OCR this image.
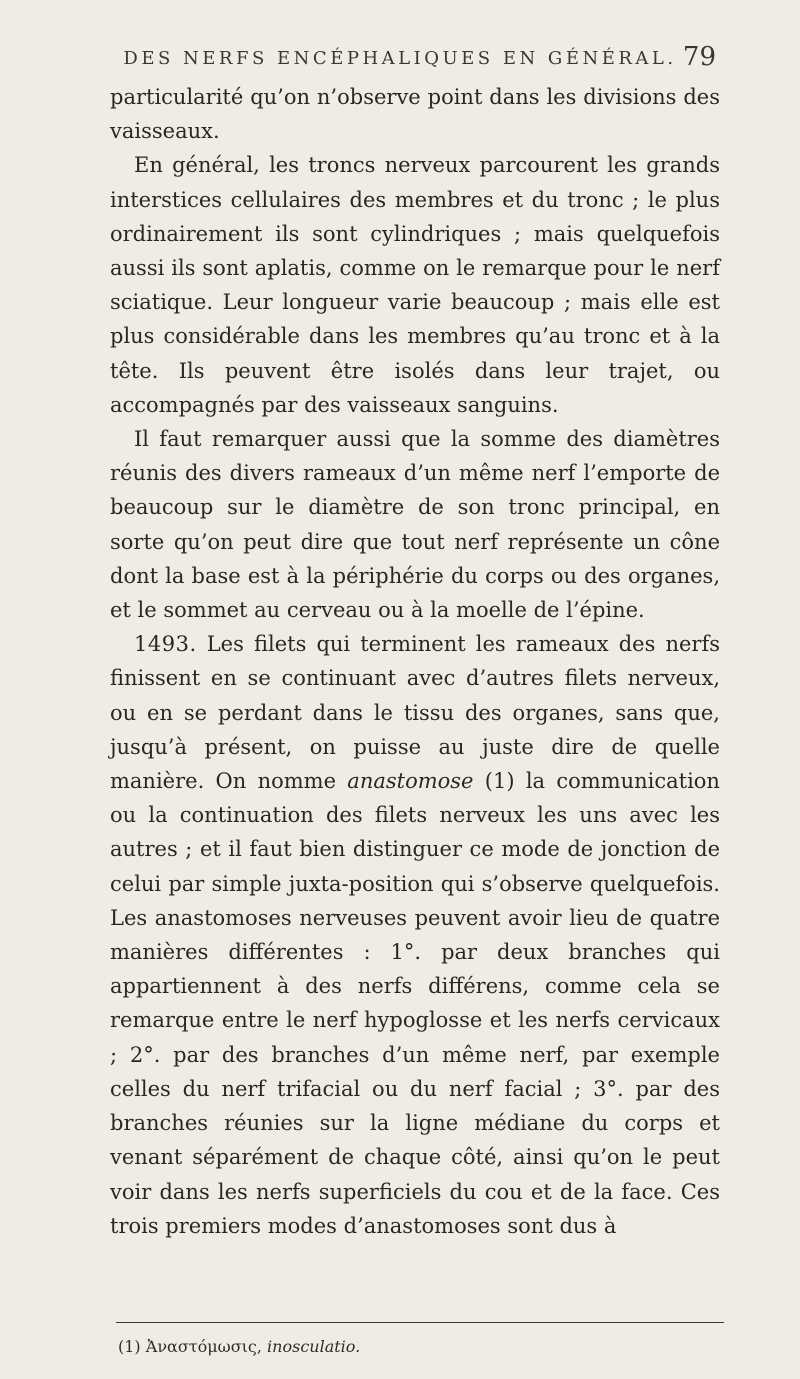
DES NERFS ENCÉPHALIQUES EN GÉNÉRAL. 79

particularité qu’on n’observe point dans les divisions des vaisseaux.

En général, les troncs nerveux parcourent les grands interstices cellulaires des membres et du tronc ; le plus ordinairement ils sont cylindriques ; mais quelquefois aussi ils sont aplatis, comme on le remarque pour le nerf sciatique. Leur longueur varie beaucoup ; mais elle est plus considérable dans les membres qu’au tronc et à la tête. Ils peuvent être isolés dans leur trajet, ou accompagnés par des vaisseaux sanguins.

Il faut remarquer aussi que la somme des diamètres réunis des divers rameaux d’un même nerf l’emporte de beaucoup sur le diamètre de son tronc principal, en sorte qu’on peut dire que tout nerf représente un cône dont la base est à la périphérie du corps ou des organes, et le sommet au cerveau ou à la moelle de l’épine.

1493. Les filets qui terminent les rameaux des nerfs finissent en se continuant avec d’autres filets nerveux, ou en se perdant dans le tissu des organes, sans que, jusqu’à présent, on puisse au juste dire de quelle manière. On nomme anastomose (1) la communication ou la continuation des filets nerveux les uns avec les autres ; et il faut bien distinguer ce mode de jonction de celui par simple juxta-position qui s’observe quelquefois. Les anastomoses nerveuses peuvent avoir lieu de quatre manières différentes : 1°. par deux branches qui appartiennent à des nerfs différens, comme cela se remarque entre le nerf hypoglosse et les nerfs cervicaux ; 2°. par des branches d’un même nerf, par exemple celles du nerf trifacial ou du nerf facial ; 3°. par des branches réunies sur la ligne médiane du corps et venant séparément de chaque côté, ainsi qu’on le peut voir dans les nerfs superficiels du cou et de la face. Ces trois premiers modes d’anastomoses sont dus à

(1) Ἀναστόμωσις, inosculatio.
